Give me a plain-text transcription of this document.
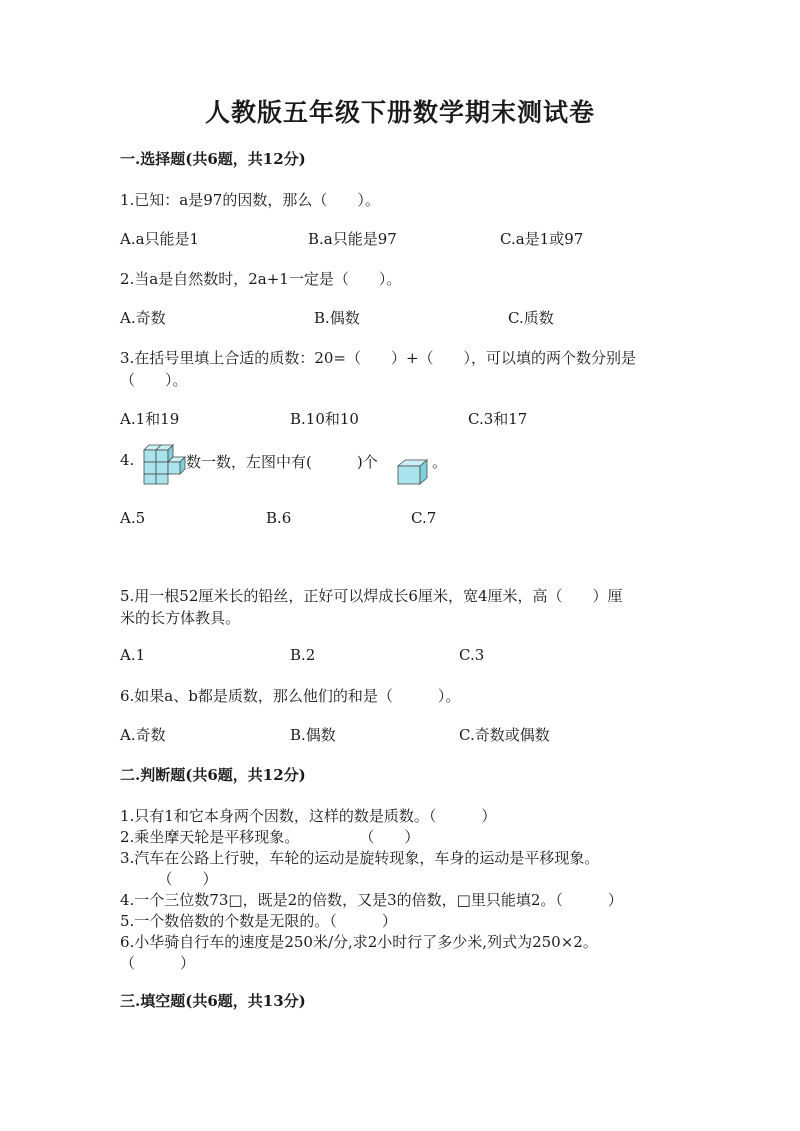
人教版五年级下册数学期末测试卷
一.选择题(共6题，共12分)
1.已知：a是97的因数，那么（　　）。
A.a只能是1	B.a只能是97	C.a是1或97
2.当a是自然数时，2a+1一定是（　　）。
A.奇数	B.偶数	C.质数
3.在括号里填上合适的质数：20=（　　）+（　　），可以填的两个数分别是
（　　）。
A.1和19	B.10和10	C.3和17
4.	数一数，左图中有(　　　)个	。
A.5	B.6	C.7
5.用一根52厘米长的铅丝，正好可以焊成长6厘米，宽4厘米，高（　　）厘
米的长方体教具。
A.1	B.2	C.3
6.如果a、b都是质数，那么他们的和是（　　　）。
A.奇数	B.偶数	C.奇数或偶数
二.判断题(共6题，共12分)
1.只有1和它本身两个因数，这样的数是质数。（　　　）
2.乘坐摩天轮是平移现象。　　　　　（　　）
3.汽车在公路上行驶，车轮的运动是旋转现象，车身的运动是平移现象。
　　　（　　）
4.一个三位数73□，既是2的倍数，又是3的倍数，□里只能填2。（　　　）
5.一个数倍数的个数是无限的。（　　　）
6.小华骑自行车的速度是250米/分,求2小时行了多少米,列式为250×2。
（　　　）
三.填空题(共6题，共13分)
